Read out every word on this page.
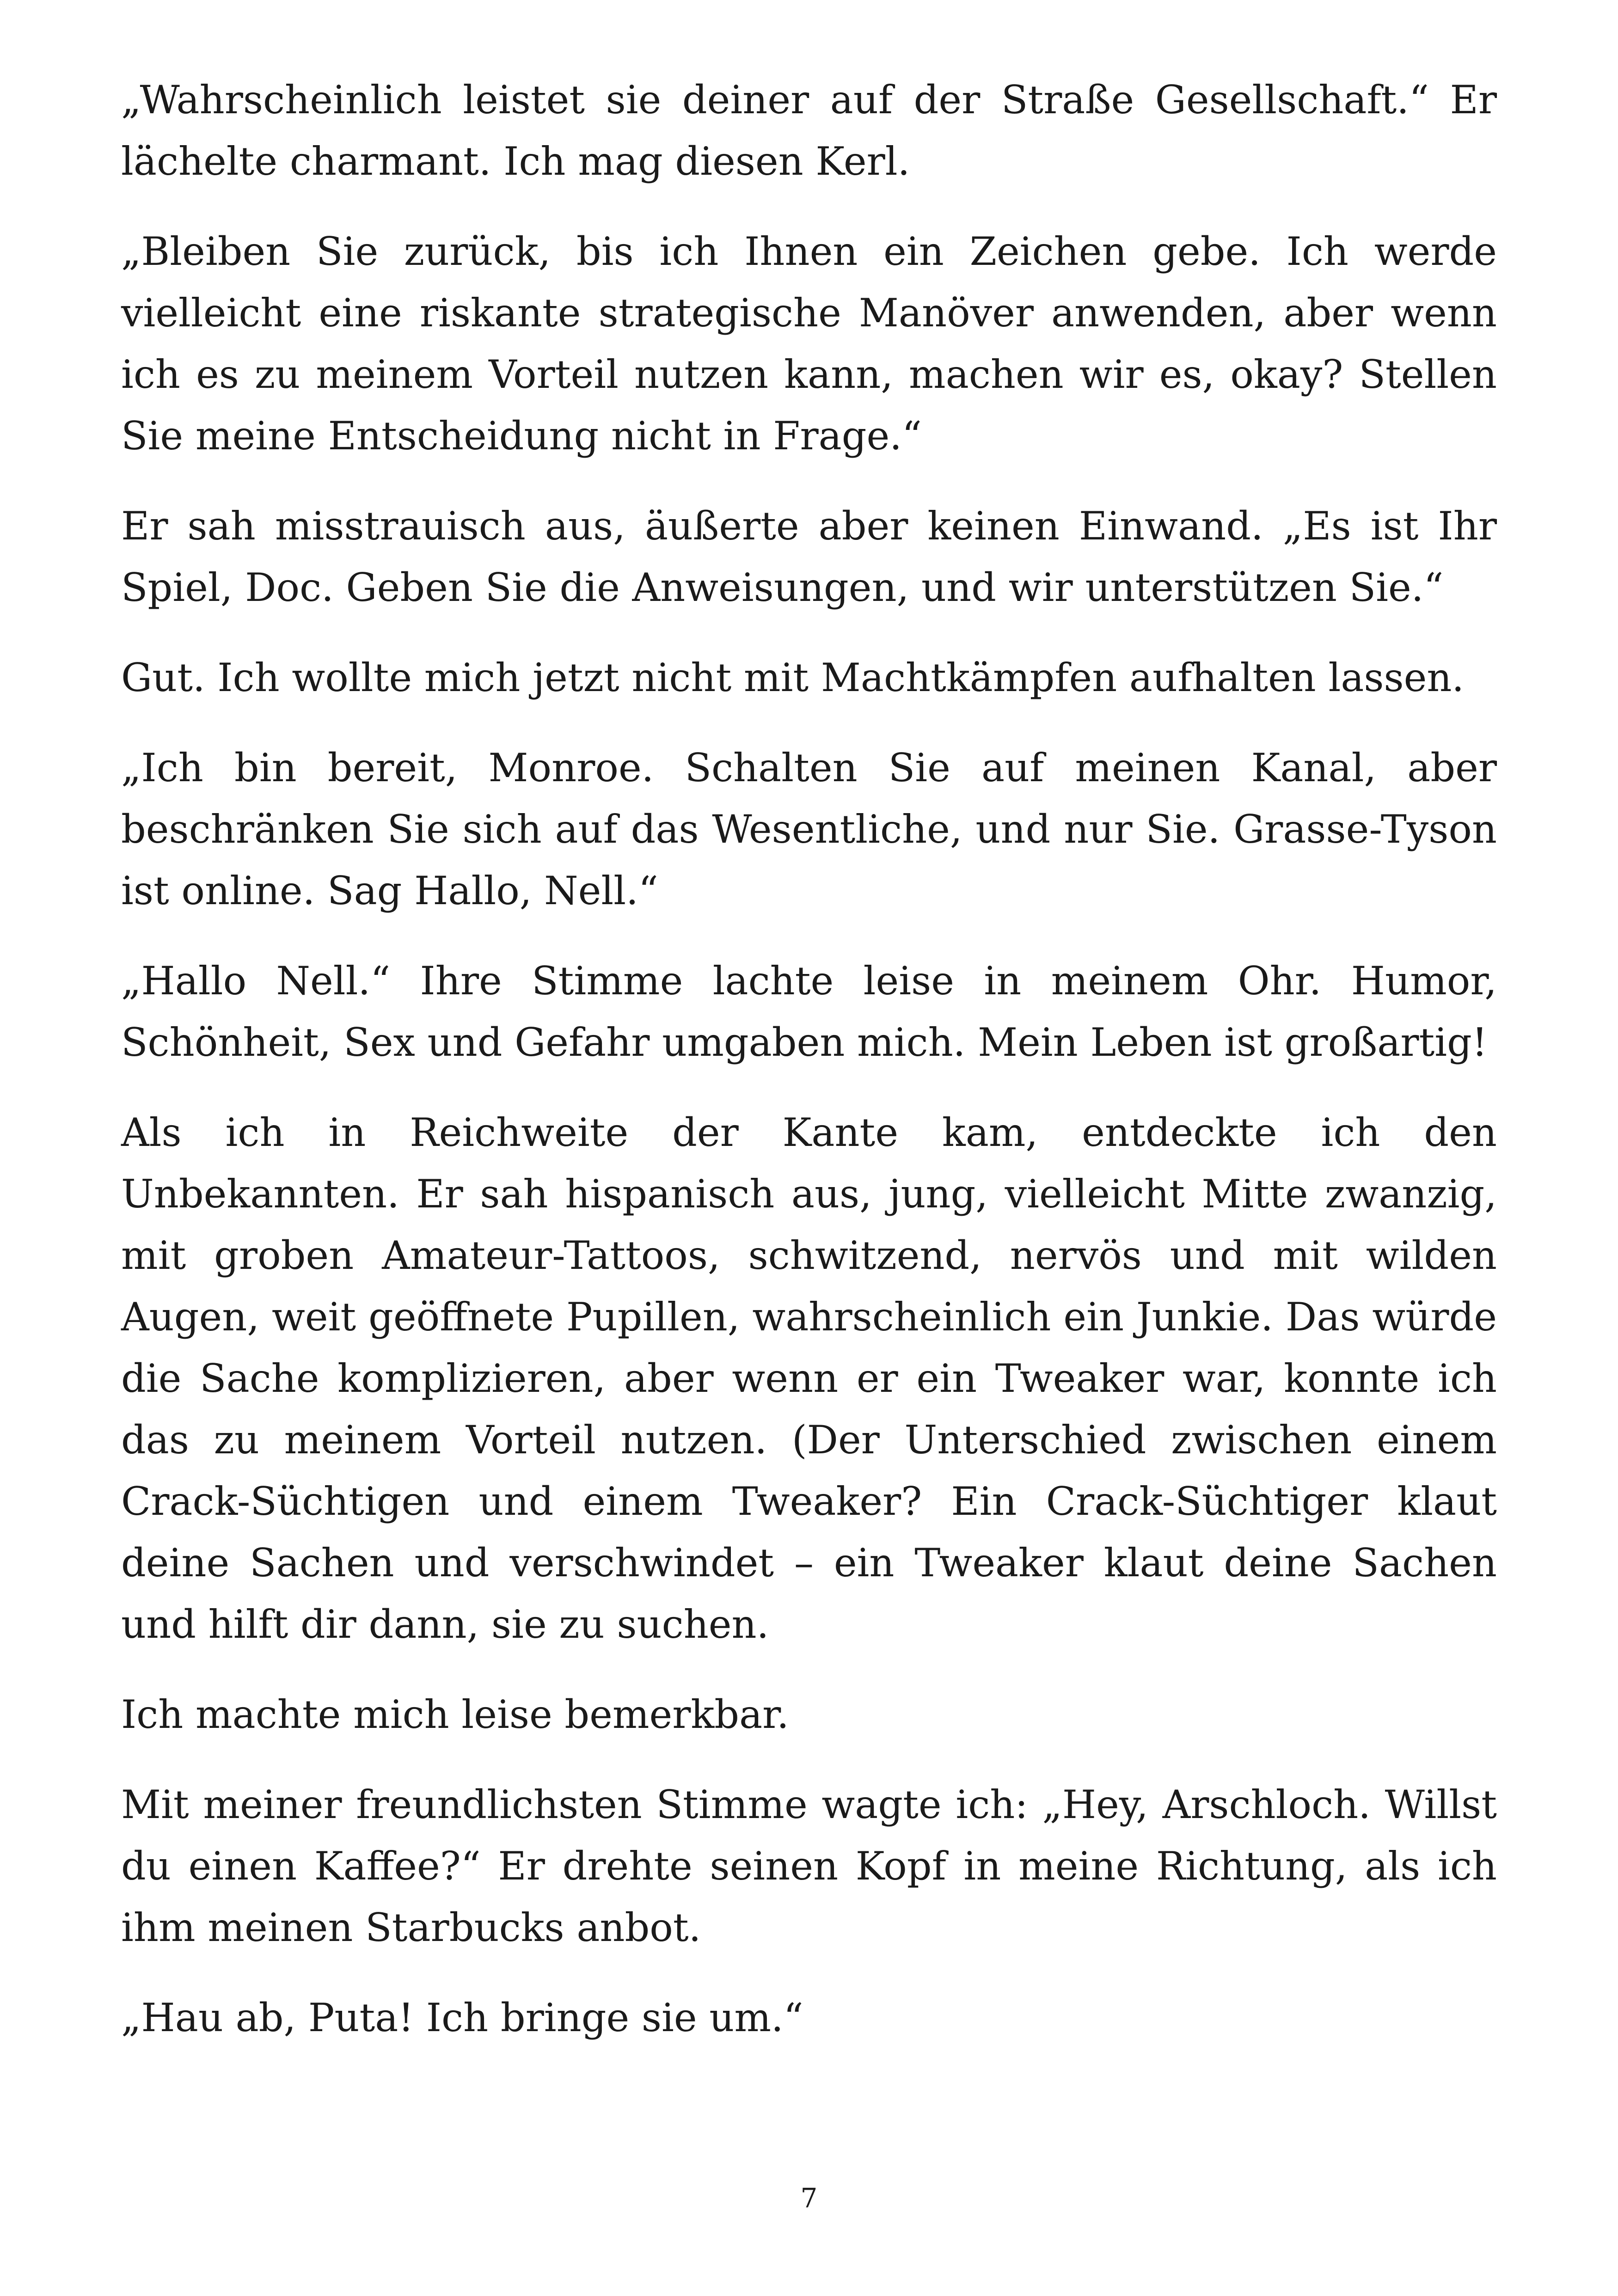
„Wahrscheinlich leistet sie deiner auf der Straße Gesellschaft.“ Er lächelte charmant. Ich mag diesen Kerl.

„Bleiben Sie zurück, bis ich Ihnen ein Zeichen gebe. Ich werde vielleicht eine riskante strategische Manöver anwenden, aber wenn ich es zu meinem Vorteil nutzen kann, machen wir es, okay? Stellen Sie meine Entscheidung nicht in Frage.“

Er sah misstrauisch aus, äußerte aber keinen Einwand. „Es ist Ihr Spiel, Doc. Geben Sie die Anweisungen, und wir unterstützen Sie.“

Gut. Ich wollte mich jetzt nicht mit Machtkämpfen aufhalten lassen.

„Ich bin bereit, Monroe. Schalten Sie auf meinen Kanal, aber beschränken Sie sich auf das Wesentliche, und nur Sie. Grasse-Tyson ist online. Sag Hallo, Nell.“

„Hallo Nell.“ Ihre Stimme lachte leise in meinem Ohr. Humor, Schönheit, Sex und Gefahr umgaben mich. Mein Leben ist großartig!

Als ich in Reichweite der Kante kam, entdeckte ich den Unbekannten. Er sah hispanisch aus, jung, vielleicht Mitte zwanzig, mit groben Amateur-Tattoos, schwitzend, nervös und mit wilden Augen, weit geöffnete Pupillen, wahrscheinlich ein Junkie. Das würde die Sache komplizieren, aber wenn er ein Tweaker war, konnte ich das zu meinem Vorteil nutzen. (Der Unterschied zwischen einem Crack-Süchtigen und einem Tweaker? Ein Crack-Süchtiger klaut deine Sachen und verschwindet – ein Tweaker klaut deine Sachen und hilft dir dann, sie zu suchen.

Ich machte mich leise bemerkbar.

Mit meiner freundlichsten Stimme wagte ich: „Hey, Arschloch. Willst du einen Kaffee?“ Er drehte seinen Kopf in meine Richtung, als ich ihm meinen Starbucks anbot.

„Hau ab, Puta! Ich bringe sie um.“

7
